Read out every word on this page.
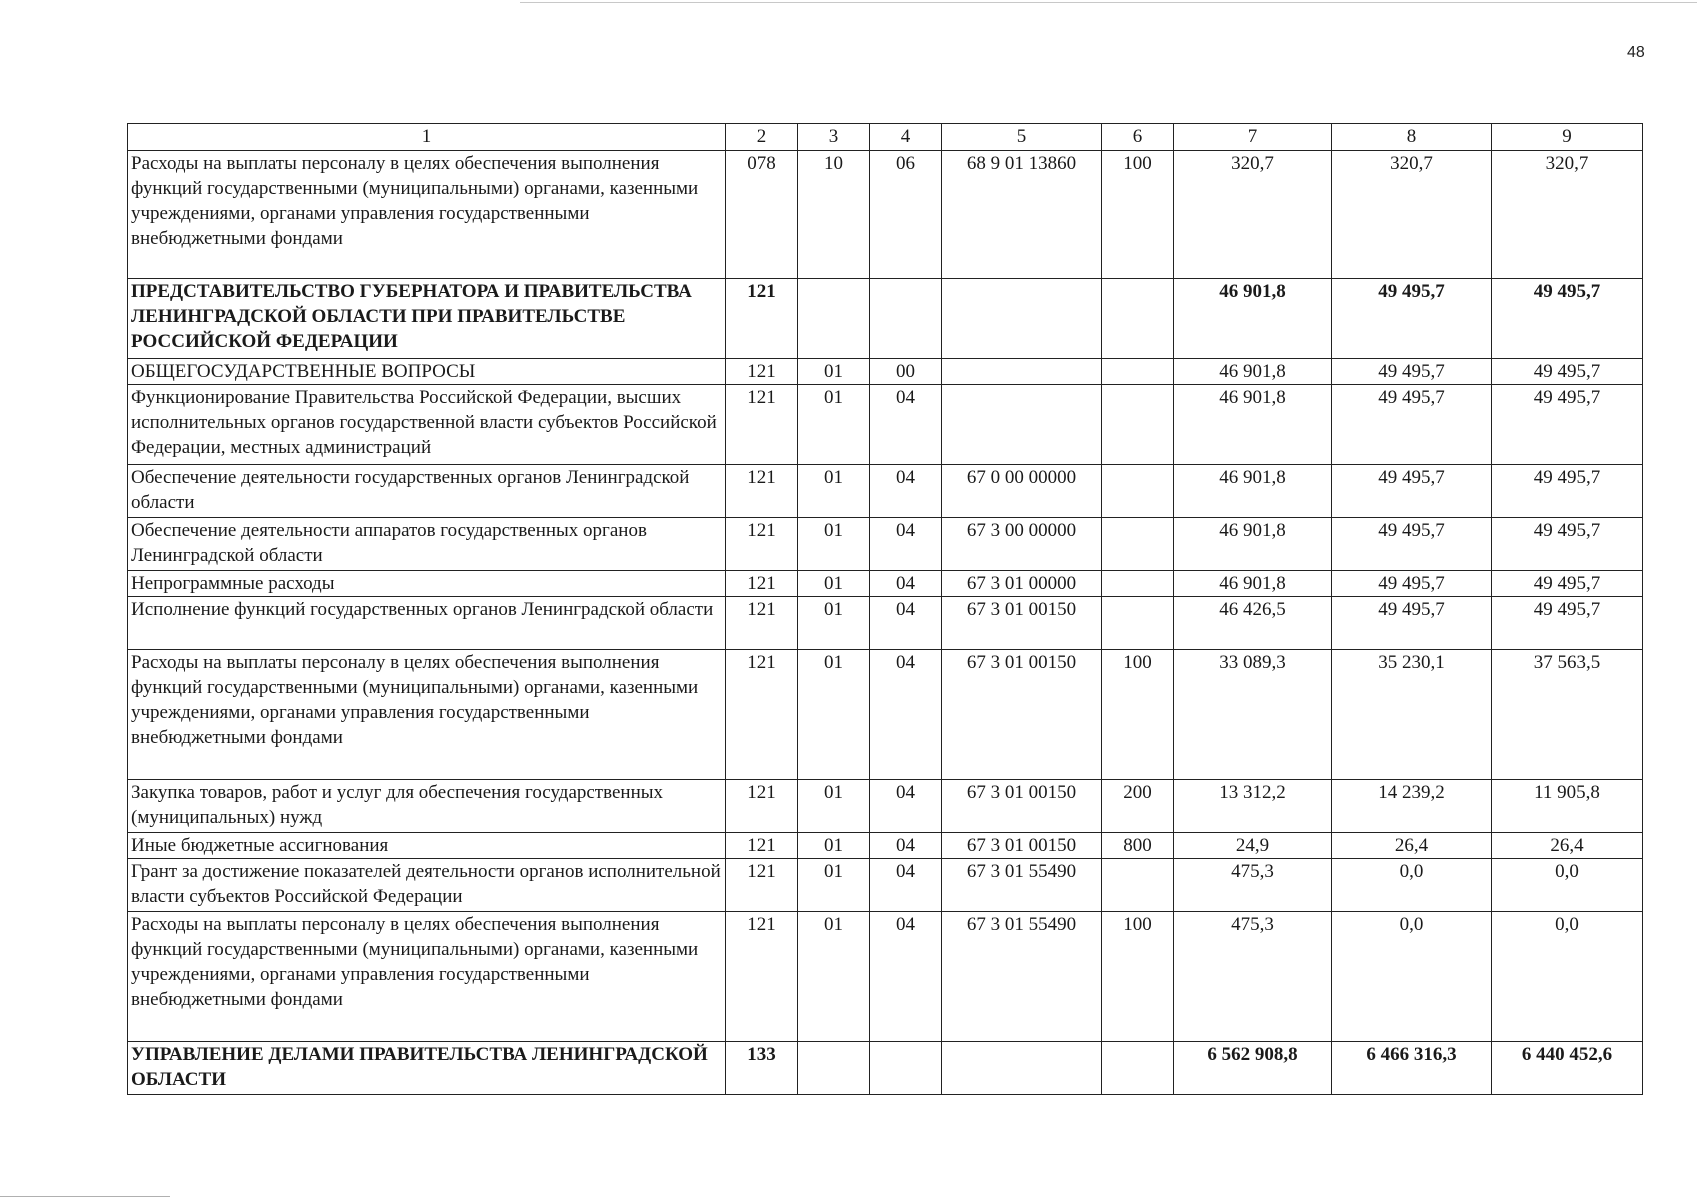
48
1	2	3	4	5	6	7	8	9
Расходы на выплаты персоналу в целях обеспечения выполнения функций государственными (муниципальными) органами, казенными учреждениями, органами управления государственными внебюджетными фондами	078	10	06	68 9 01 13860	100	320,7	320,7	320,7
ПРЕДСТАВИТЕЛЬСТВО ГУБЕРНАТОРА И ПРАВИТЕЛЬСТВА ЛЕНИНГРАДСКОЙ ОБЛАСТИ ПРИ ПРАВИТЕЛЬСТВЕ РОССИЙСКОЙ ФЕДЕРАЦИИ	121					46 901,8	49 495,7	49 495,7
ОБЩЕГОСУДАРСТВЕННЫЕ ВОПРОСЫ	121	01	00			46 901,8	49 495,7	49 495,7
Функционирование Правительства Российской Федерации, высших исполнительных органов государственной власти субъектов Российской Федерации, местных администраций	121	01	04			46 901,8	49 495,7	49 495,7
Обеспечение деятельности государственных органов Ленинградской области	121	01	04	67 0 00 00000		46 901,8	49 495,7	49 495,7
Обеспечение деятельности аппаратов государственных органов Ленинградской области	121	01	04	67 3 00 00000		46 901,8	49 495,7	49 495,7
Непрограммные расходы	121	01	04	67 3 01 00000		46 901,8	49 495,7	49 495,7
Исполнение функций государственных органов Ленинградской области	121	01	04	67 3 01 00150		46 426,5	49 495,7	49 495,7
Расходы на выплаты персоналу в целях обеспечения выполнения функций государственными (муниципальными) органами, казенными учреждениями, органами управления государственными внебюджетными фондами	121	01	04	67 3 01 00150	100	33 089,3	35 230,1	37 563,5
Закупка товаров, работ и услуг для обеспечения государственных (муниципальных) нужд	121	01	04	67 3 01 00150	200	13 312,2	14 239,2	11 905,8
Иные бюджетные ассигнования	121	01	04	67 3 01 00150	800	24,9	26,4	26,4
Грант за достижение показателей деятельности органов исполнительной власти субъектов Российской Федерации	121	01	04	67 3 01 55490		475,3	0,0	0,0
Расходы на выплаты персоналу в целях обеспечения выполнения функций государственными (муниципальными) органами, казенными учреждениями, органами управления государственными внебюджетными фондами	121	01	04	67 3 01 55490	100	475,3	0,0	0,0
УПРАВЛЕНИЕ ДЕЛАМИ ПРАВИТЕЛЬСТВА ЛЕНИНГРАДСКОЙ ОБЛАСТИ	133					6 562 908,8	6 466 316,3	6 440 452,6
